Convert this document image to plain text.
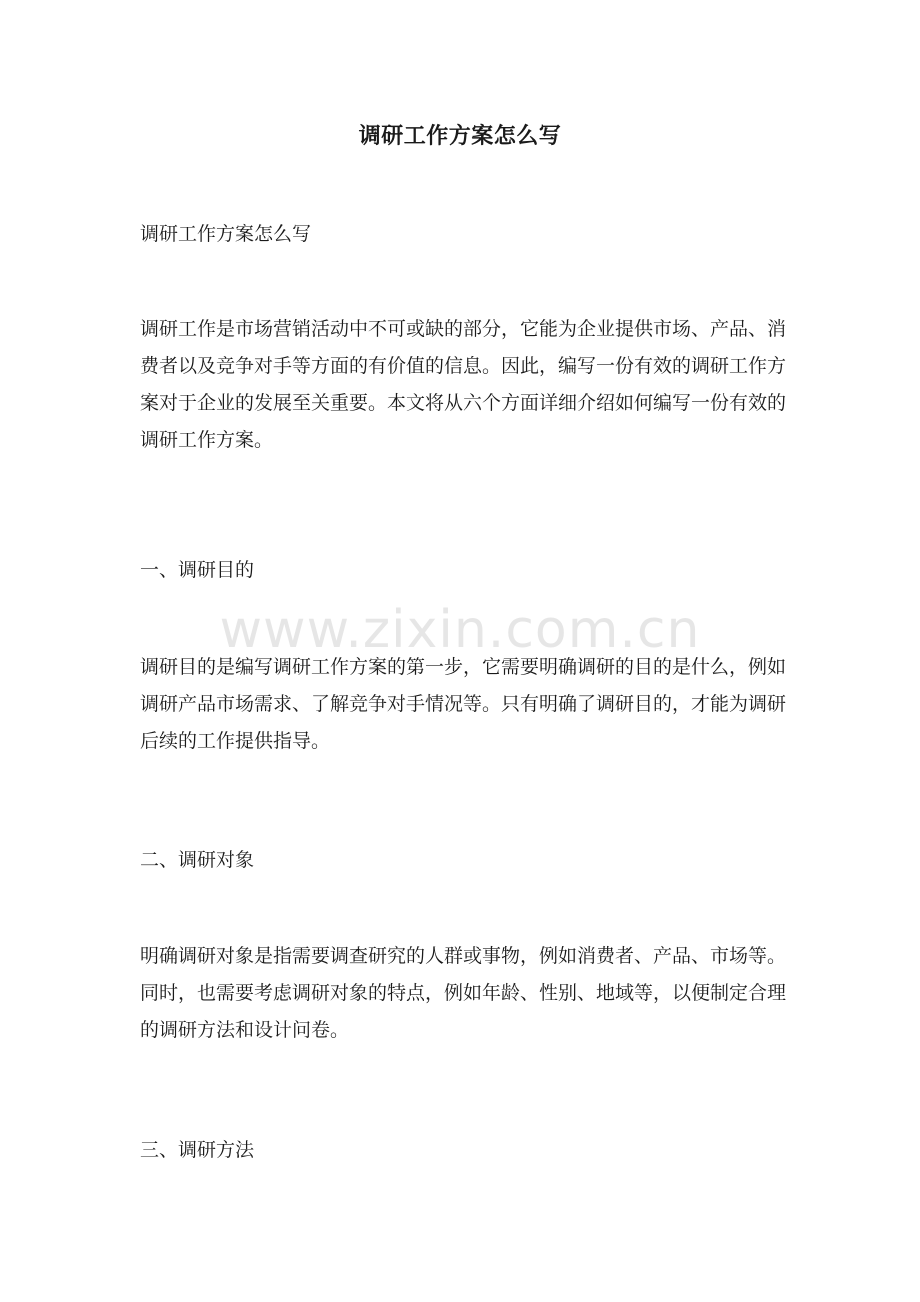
调研工作方案怎么写

调研工作方案怎么写

调研工作是市场营销活动中不可或缺的部分，它能为企业提供市场、产品、消费者以及竞争对手等方面的有价值的信息。因此，编写一份有效的调研工作方案对于企业的发展至关重要。本文将从六个方面详细介绍如何编写一份有效的调研工作方案。

一、调研目的

调研目的是编写调研工作方案的第一步，它需要明确调研的目的是什么，例如调研产品市场需求、了解竞争对手情况等。只有明确了调研目的，才能为调研后续的工作提供指导。

二、调研对象

明确调研对象是指需要调查研究的人群或事物，例如消费者、产品、市场等。同时，也需要考虑调研对象的特点，例如年龄、性别、地域等，以便制定合理的调研方法和设计问卷。

三、调研方法

www.zixin.com.cn
